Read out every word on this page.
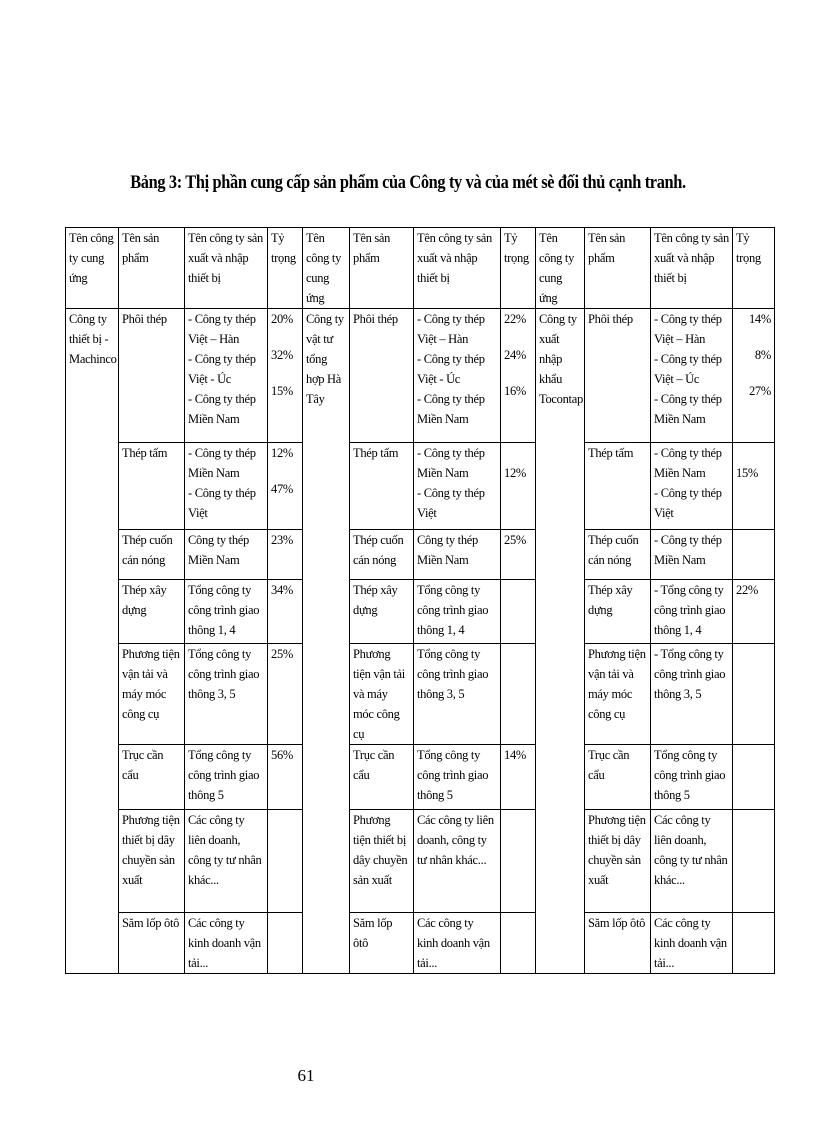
Bảng 3: Thị phần cung cấp sản phẩm của Công ty và của mét sè đối thủ cạnh tranh.
Tên công ty cung ứng	Tên sản phẩm	Tên công ty sản xuất và nhập thiết bị	Tỷ trọng	Tên công ty cung ứng	Tên sản phẩm	Tên công ty sản xuất và nhập thiết bị	Tỷ trọng	Tên công ty cung ứng	Tên sản phẩm	Tên công ty sản xuất và nhập thiết bị	Tỷ trọng
Công ty thiết bị - Machinco	Phôi thép	- Công ty thép Việt – Hàn
- Công ty thép Việt - Úc
- Công ty thép Miền Nam	20%
32%
15%	Công ty vật tư tổng hợp Hà Tây	Phôi thép	- Công ty thép Việt – Hàn
- Công ty thép Việt - Úc
- Công ty thép Miền Nam	22%
24%
16%	Công ty xuất nhập khẩu Tocontap	Phôi thép	- Công ty thép Việt – Hàn
- Công ty thép Việt – Úc
- Công ty thép Miền Nam	14%
8%
27%

	Thép tấm	- Công ty thép Miền Nam
- Công ty thép Việt	12%
47%		Thép tấm	- Công ty thép Miền Nam
- Công ty thép Việt	12%		Thép tấm	- Công ty thép Miền Nam
- Công ty thép Việt	15%

	Thép cuốn cán nóng	Công ty thép Miền Nam	23%		Thép cuốn cán nóng	Công ty thép Miền Nam	25%		Thép cuốn cán nóng	- Công ty thép Miền Nam	

	Thép xây dựng	Tổng công ty công trình giao thông 1, 4	34%		Thép xây dựng	Tổng công ty công trình giao thông 1, 4			Thép xây dựng	- Tổng công ty công trình giao thông 1, 4	22%

	Phương tiện vận tải và máy móc công cụ	Tổng công ty công trình giao thông 3, 5	25%		Phương tiện vận tải và máy móc công cụ	Tổng công ty công trình giao thông 3, 5			Phương tiện vận tải và máy móc công cụ	- Tổng công ty công trình giao thông 3, 5	

	Trục cần cẩu	Tổng công ty công trình giao thông 5	56%		Trục cần cẩu	Tổng công ty công trình giao thông 5	14%		Trục cần cẩu	Tổng công ty công trình giao thông 5	

	Phương tiện thiết bị dây chuyền sản xuất	Các công ty liên doanh, công ty tư nhân khác...			Phương tiện thiết bị dây chuyền sản xuất	Các công ty liên doanh, công ty tư nhân khác...			Phương tiện thiết bị dây chuyền sản xuất	Các công ty liên doanh, công ty tư nhân khác...	

	Săm lốp ôtô	Các công ty kinh doanh vận tải...			Săm lốp ôtô	Các công ty kinh doanh vận tải...			Săm lốp ôtô	Các công ty kinh doanh vận tải...	

61
